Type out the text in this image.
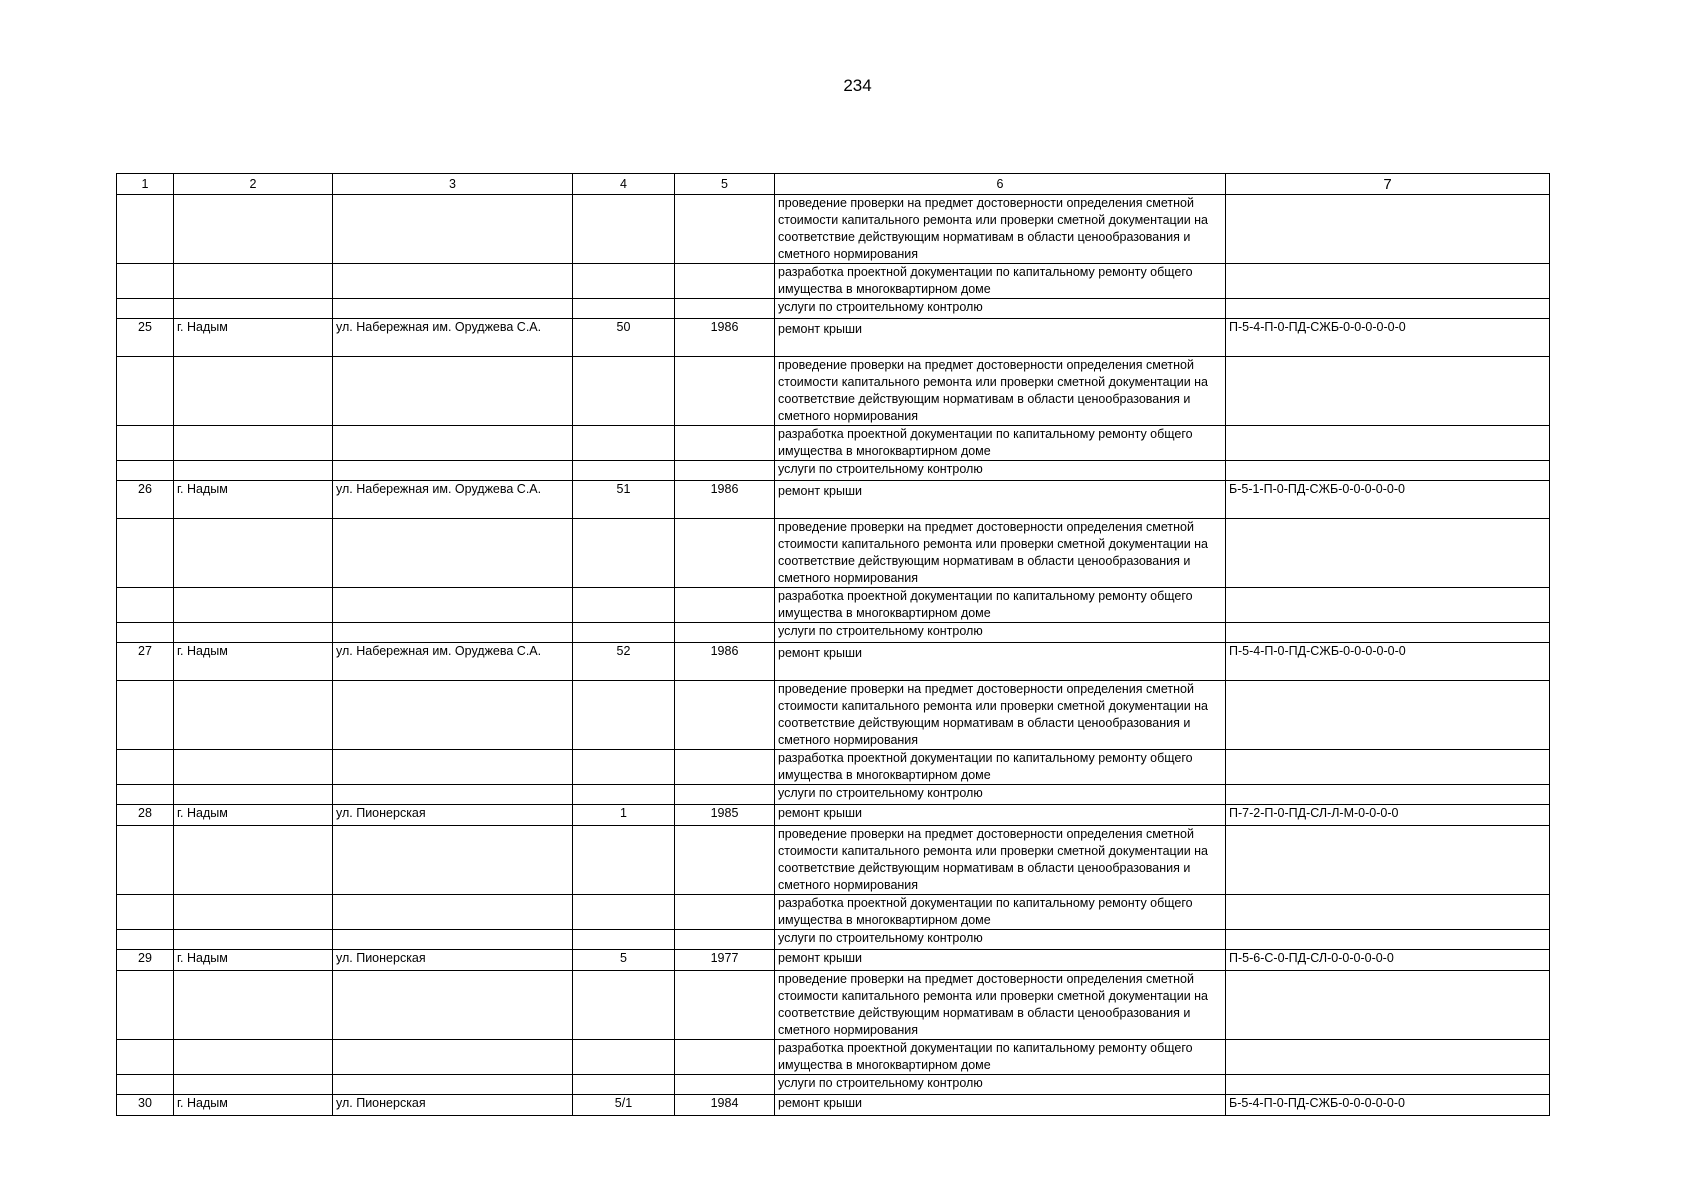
234
1	2	3	4	5	6	7
					проведение проверки на предмет достоверности определения сметной стоимости капитального ремонта или проверки сметной документации на соответствие действующим нормативам в области ценообразования и сметного нормирования	
					разработка проектной документации по капитальному ремонту общего имущества в многоквартирном доме	
					услуги по строительному контролю	
25	г. Надым	ул. Набережная им. Оруджева С.А.	50	1986	ремонт крыши	П-5-4-П-0-ПД-СЖБ-0-0-0-0-0-0
					проведение проверки на предмет достоверности определения сметной стоимости капитального ремонта или проверки сметной документации на соответствие действующим нормативам в области ценообразования и сметного нормирования	
					разработка проектной документации по капитальному ремонту общего имущества в многоквартирном доме	
					услуги по строительному контролю	
26	г. Надым	ул. Набережная им. Оруджева С.А.	51	1986	ремонт крыши	Б-5-1-П-0-ПД-СЖБ-0-0-0-0-0-0
					проведение проверки на предмет достоверности определения сметной стоимости капитального ремонта или проверки сметной документации на соответствие действующим нормативам в области ценообразования и сметного нормирования	
					разработка проектной документации по капитальному ремонту общего имущества в многоквартирном доме	
					услуги по строительному контролю	
27	г. Надым	ул. Набережная им. Оруджева С.А.	52	1986	ремонт крыши	П-5-4-П-0-ПД-СЖБ-0-0-0-0-0-0
					проведение проверки на предмет достоверности определения сметной стоимости капитального ремонта или проверки сметной документации на соответствие действующим нормативам в области ценообразования и сметного нормирования	
					разработка проектной документации по капитальному ремонту общего имущества в многоквартирном доме	
					услуги по строительному контролю	
28	г. Надым	ул. Пионерская	1	1985	ремонт крыши	П-7-2-П-0-ПД-СЛ-Л-М-0-0-0-0
					проведение проверки на предмет достоверности определения сметной стоимости капитального ремонта или проверки сметной документации на соответствие действующим нормативам в области ценообразования и сметного нормирования	
					разработка проектной документации по капитальному ремонту общего имущества в многоквартирном доме	
					услуги по строительному контролю	
29	г. Надым	ул. Пионерская	5	1977	ремонт крыши	П-5-6-С-0-ПД-СЛ-0-0-0-0-0-0
					проведение проверки на предмет достоверности определения сметной стоимости капитального ремонта или проверки сметной документации на соответствие действующим нормативам в области ценообразования и сметного нормирования	
					разработка проектной документации по капитальному ремонту общего имущества в многоквартирном доме	
					услуги по строительному контролю	
30	г. Надым	ул. Пионерская	5/1	1984	ремонт крыши	Б-5-4-П-0-ПД-СЖБ-0-0-0-0-0-0
